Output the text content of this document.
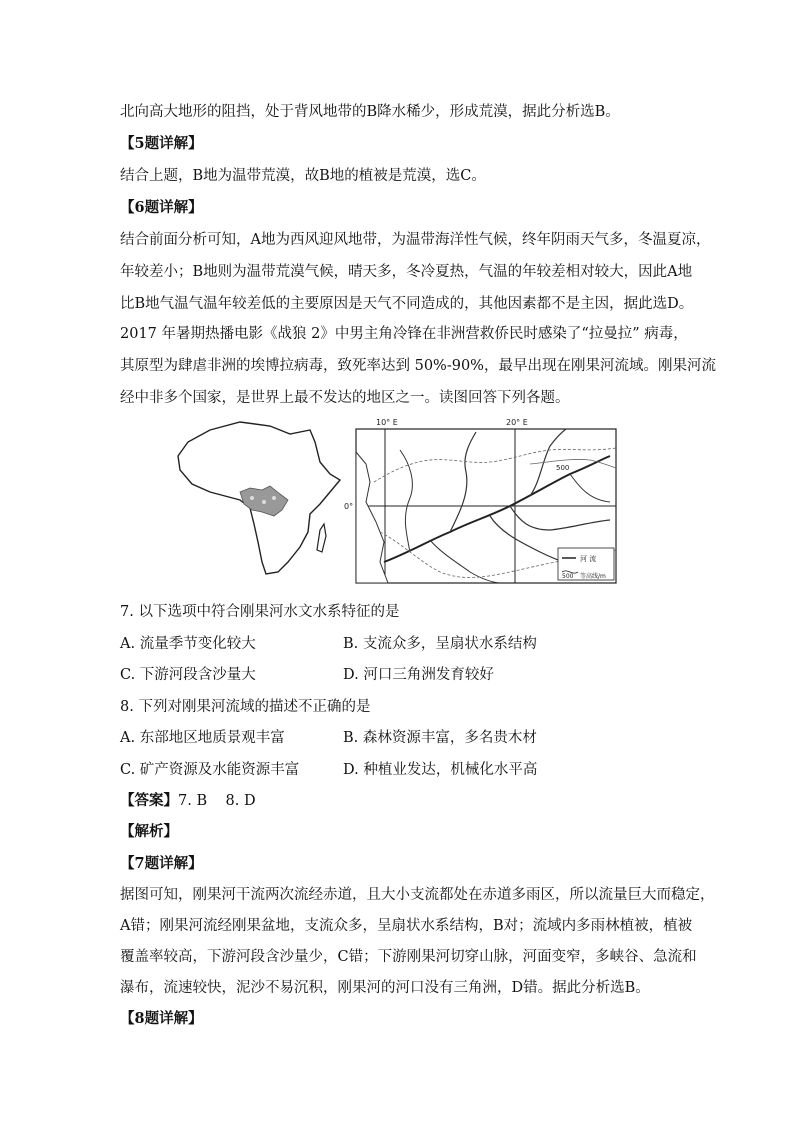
北向高大地形的阻挡，处于背风地带的B降水稀少，形成荒漠，据此分析选B。
【5题详解】
结合上题，B地为温带荒漠，故B地的植被是荒漠，选C。
【6题详解】
结合前面分析可知，A地为西风迎风地带，为温带海洋性气候，终年阴雨天气多，冬温夏凉，
年较差小；B地则为温带荒漠气候，晴天多，冬冷夏热，气温的年较差相对较大，因此A地
比B地气温气温年较差低的主要原因是天气不同造成的，其他因素都不是主因，据此选D。
2017 年暑期热播电影《战狼 2》中男主角冷锋在非洲营救侨民时感染了“拉曼拉” 病毒，
其原型为肆虐非洲的埃博拉病毒，致死率达到 50%-90%，最早出现在刚果河流域。刚果河流
经中非多个国家，是世界上最不发达的地区之一。读图回答下列各题。
10° E	20° E
0°
500
河 流
500 等高线/m
7. 以下选项中符合刚果河水文水系特征的是
A. 流量季节变化较大	B. 支流众多，呈扇状水系结构
C. 下游河段含沙量大	D. 河口三角洲发育较好
8. 下列对刚果河流域的描述不正确的是
A. 东部地区地质景观丰富	B. 森林资源丰富，多名贵木材
C. 矿产资源及水能资源丰富	D. 种植业发达，机械化水平高
【答案】7. B    8. D
【解析】
【7题详解】
据图可知，刚果河干流两次流经赤道，且大小支流都处在赤道多雨区，所以流量巨大而稳定，
A错；刚果河流经刚果盆地，支流众多，呈扇状水系结构，B对；流域内多雨林植被，植被
覆盖率较高，下游河段含沙量少，C错；下游刚果河切穿山脉，河面变窄，多峡谷、急流和
瀑布，流速较快，泥沙不易沉积，刚果河的河口没有三角洲，D错。据此分析选B。
【8题详解】
